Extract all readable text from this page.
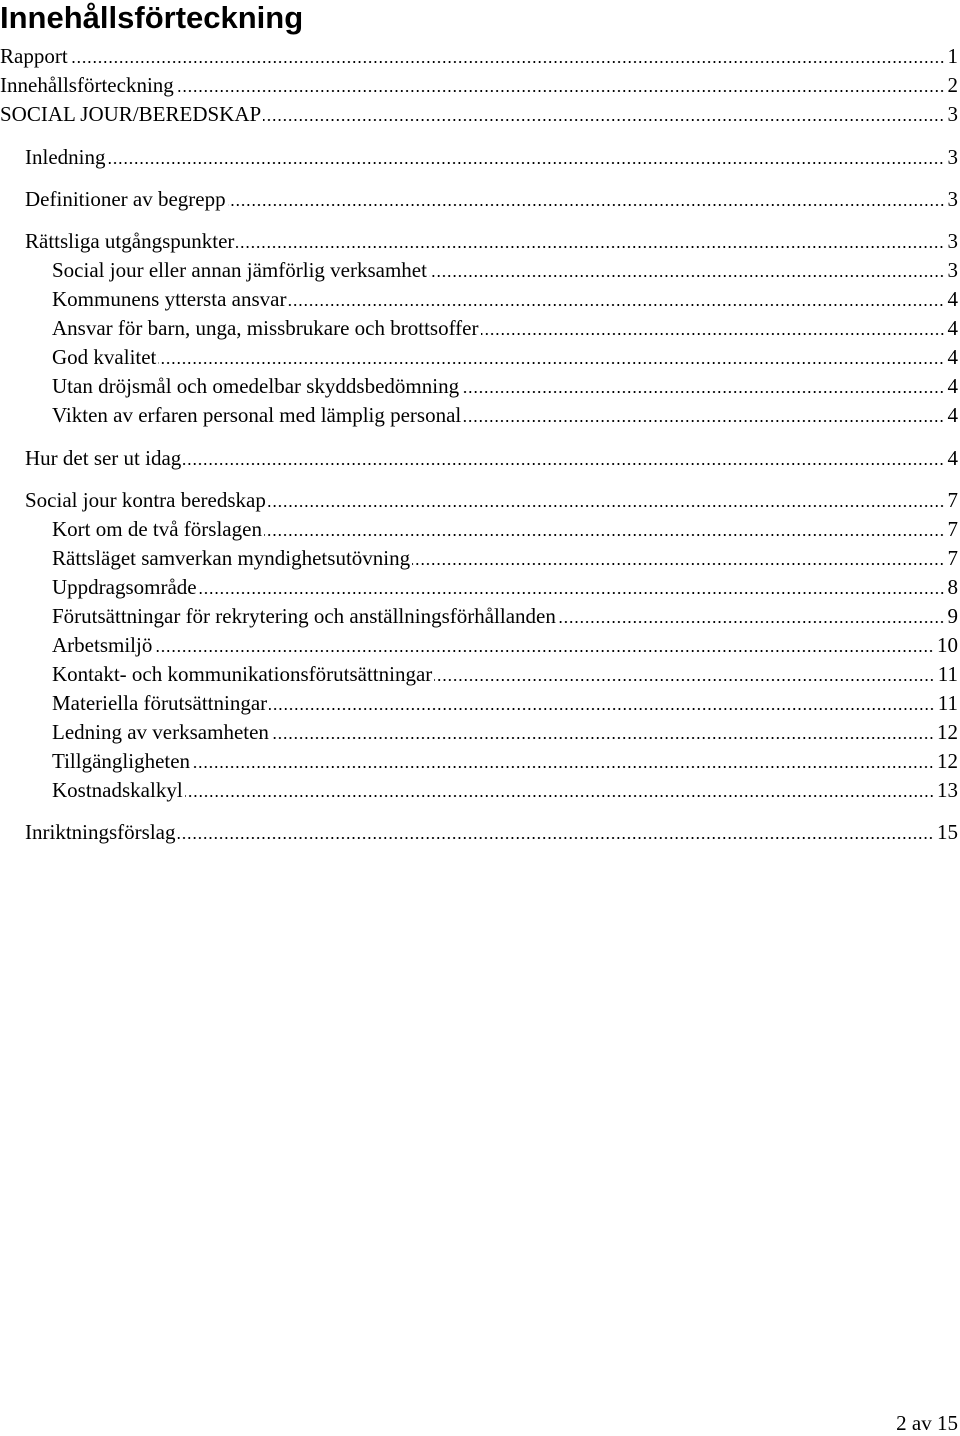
Innehållsförteckning
Rapport	1
Innehållsförteckning	2
SOCIAL JOUR/BEREDSKAP	3
Inledning	3
Definitioner av begrepp	3
Rättsliga utgångspunkter	3
Social jour eller annan jämförlig verksamhet	3
Kommunens yttersta ansvar	4
Ansvar för barn, unga, missbrukare och brottsoffer	4
God kvalitet	4
Utan dröjsmål och omedelbar skyddsbedömning	4
Vikten av erfaren personal med lämplig personal	4
Hur det ser ut idag	4
Social jour kontra beredskap	7
Kort om de två förslagen	7
Rättsläget samverkan myndighetsutövning	7
Uppdragsområde	8
Förutsättningar för rekrytering och anställningsförhållanden	9
Arbetsmiljö	10
Kontakt- och kommunikationsförutsättningar	11
Materiella förutsättningar	11
Ledning av verksamheten	12
Tillgängligheten	12
Kostnadskalkyl	13
Inriktningsförslag	15
2 av 15
